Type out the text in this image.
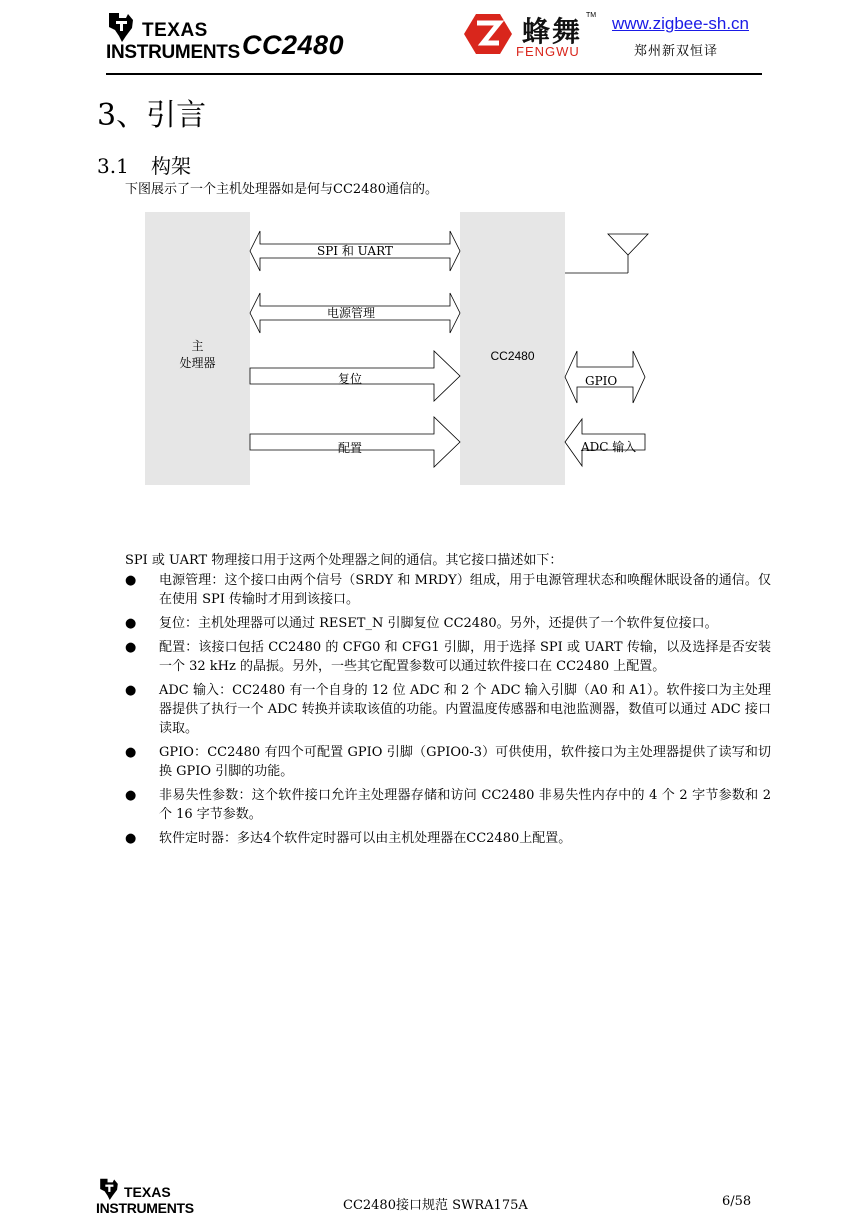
TEXAS
INSTRUMENTS CC2480	蜂舞 TM
FENGWU
www.zigbee-sh.cn
郑州新双恒译
3、引言
3.1 构架
下图展示了一个主机处理器如是何与CC2480通信的。
主
处理器	CC2480
SPI 和 UART
电源管理
复位
配置
GPIO
ADC 输入
SPI 或 UART 物理接口用于这两个处理器之间的通信。其它接口描述如下：
● 电源管理：这个接口由两个信号（SRDY 和 MRDY）组成，用于电源管理状态和唤醒休眠设备的通信。仅在使用 SPI 传输时才用到该接口。
● 复位：主机处理器可以通过 RESET_N 引脚复位 CC2480。另外，还提供了一个软件复位接口。
● 配置：该接口包括 CC2480 的 CFG0 和 CFG1 引脚，用于选择 SPI 或 UART 传输，以及选择是否安装一个 32 kHz 的晶振。另外，一些其它配置参数可以通过软件接口在 CC2480 上配置。
● ADC 输入：CC2480 有一个自身的 12 位 ADC 和 2 个 ADC 输入引脚（A0 和 A1）。软件接口为主处理器提供了执行一个 ADC 转换并读取该值的功能。内置温度传感器和电池监测器，数值可以通过 ADC 接口读取。
● GPIO：CC2480 有四个可配置 GPIO 引脚（GPIO0-3）可供使用，软件接口为主处理器提供了读写和切换 GPIO 引脚的功能。
● 非易失性参数：这个软件接口允许主处理器存储和访问 CC2480 非易失性内存中的 4 个 2 字节参数和 2 个 16 字节参数。
● 软件定时器：多达4个软件定时器可以由主机处理器在CC2480上配置。
TEXAS
INSTRUMENTS	CC2480接口规范 SWRA175A	6/58
